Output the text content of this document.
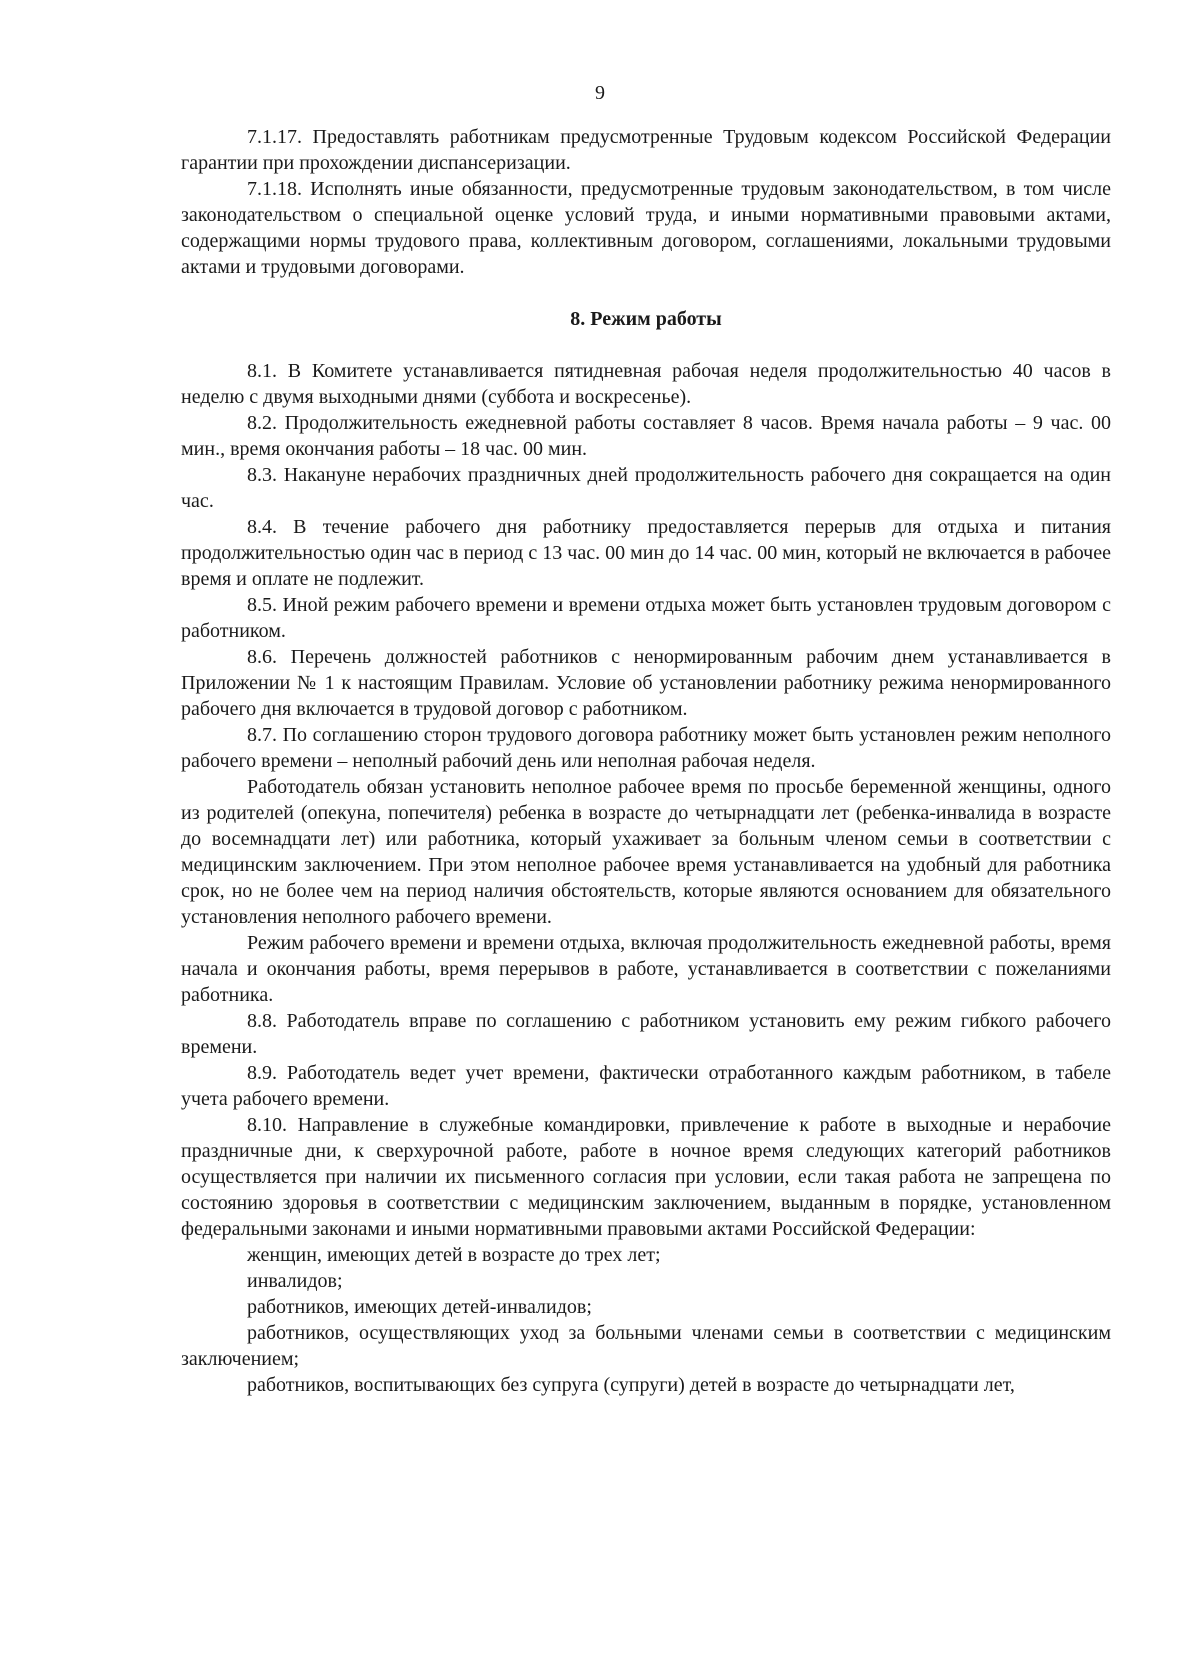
9

7.1.17. Предоставлять работникам предусмотренные Трудовым кодексом Российской Федерации гарантии при прохождении диспансеризации.

7.1.18. Исполнять иные обязанности, предусмотренные трудовым законодательством, в том числе законодательством о специальной оценке условий труда, и иными нормативными правовыми актами, содержащими нормы трудового права, коллективным договором, соглашениями, локальными трудовыми актами и трудовыми договорами.

8. Режим работы

8.1. В Комитете устанавливается пятидневная рабочая неделя продолжительностью 40 часов в неделю с двумя выходными днями (суббота и воскресенье).

8.2. Продолжительность ежедневной работы составляет 8 часов. Время начала работы – 9 час. 00 мин., время окончания работы – 18 час. 00 мин.

8.3. Накануне нерабочих праздничных дней продолжительность рабочего дня сокращается на один час.

8.4. В течение рабочего дня работнику предоставляется перерыв для отдыха и питания продолжительностью один час в период с 13 час. 00 мин до 14 час. 00 мин, который не включается в рабочее время и оплате не подлежит.

8.5. Иной режим рабочего времени и времени отдыха может быть установлен трудовым договором с работником.

8.6. Перечень должностей работников с ненормированным рабочим днем устанавливается в Приложении № 1 к настоящим Правилам. Условие об установлении работнику режима ненормированного рабочего дня включается в трудовой договор с работником.

8.7. По соглашению сторон трудового договора работнику может быть установлен режим неполного рабочего времени – неполный рабочий день или неполная рабочая неделя.

Работодатель обязан установить неполное рабочее время по просьбе беременной женщины, одного из родителей (опекуна, попечителя) ребенка в возрасте до четырнадцати лет (ребенка-инвалида в возрасте до восемнадцати лет) или работника, который ухаживает за больным членом семьи в соответствии с медицинским заключением. При этом неполное рабочее время устанавливается на удобный для работника срок, но не более чем на период наличия обстоятельств, которые являются основанием для обязательного установления неполного рабочего времени.

Режим рабочего времени и времени отдыха, включая продолжительность ежедневной работы, время начала и окончания работы, время перерывов в работе, устанавливается в соответствии с пожеланиями работника.

8.8. Работодатель вправе по соглашению с работником установить ему режим гибкого рабочего времени.

8.9. Работодатель ведет учет времени, фактически отработанного каждым работником, в табеле учета рабочего времени.

8.10. Направление в служебные командировки, привлечение к работе в выходные и нерабочие праздничные дни, к сверхурочной работе, работе в ночное время следующих категорий работников осуществляется при наличии их письменного согласия при условии, если такая работа не запрещена по состоянию здоровья в соответствии с медицинским заключением, выданным в порядке, установленном федеральными законами и иными нормативными правовыми актами Российской Федерации:

женщин, имеющих детей в возрасте до трех лет;

инвалидов;

работников, имеющих детей-инвалидов;

работников, осуществляющих уход за больными членами семьи в соответствии с медицинским заключением;

работников, воспитывающих без супруга (супруги) детей в возрасте до четырнадцати лет,
